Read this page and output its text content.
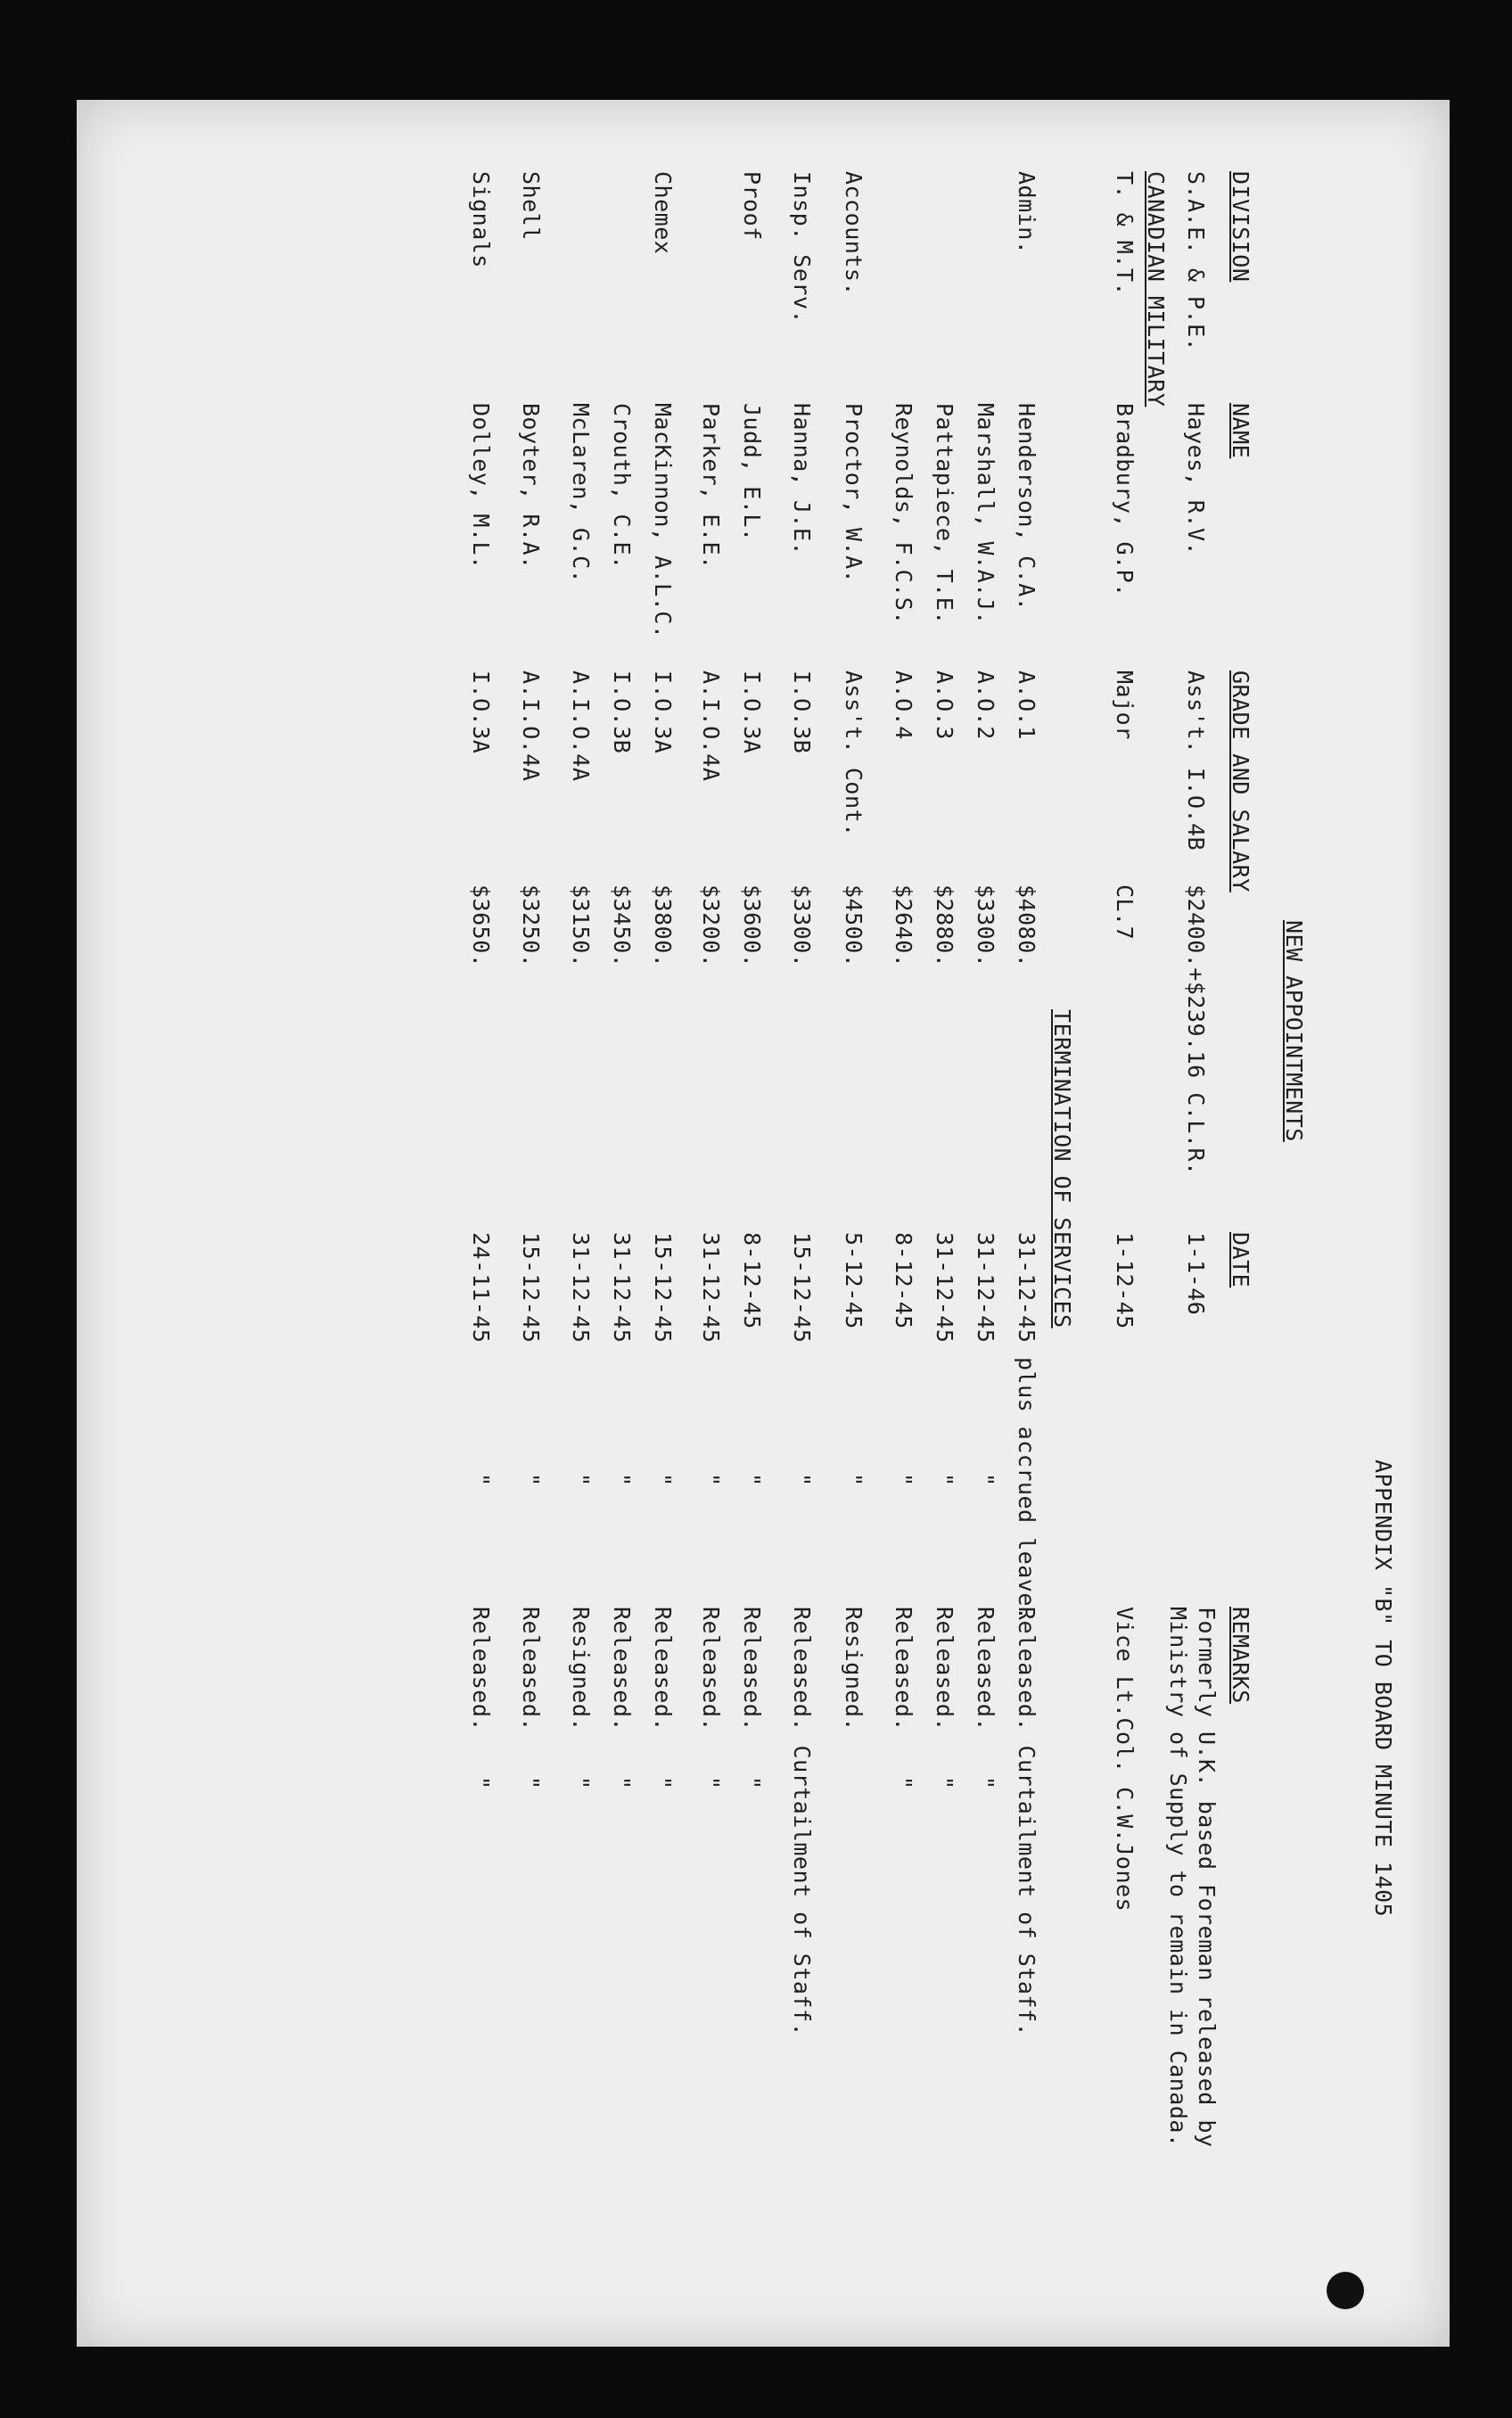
APPENDIX "B" TO BOARD MINUTE 1405
DIVISION
NAME
GRADE AND SALARY
DATE
REMARKS
NEW APPOINTMENTS
S.A.E. & P.E.
Hayes, R.V.
Ass't. I.O.4B
$2400.+$239.16 C.L.R.
1-1-46
Formerly U.K. based Foreman released by
Ministry of Supply to remain in Canada.
CANADIAN MILITARY
T. & M.T.
Bradbury, G.P.
Major
CL.7
1-12-45
Vice Lt.Col. C.W.Jones
TERMINATION OF SERVICES
Admin.
Henderson, C.A.
A.O.1
$4080.
31-12-45 plus accrued leave.
Released. Curtailment of Staff.
Marshall, W.A.J.
A.O.2
$3300.
31-12-45
"
Released.
"
Pattapiece, T.E.
A.O.3
$2880.
31-12-45
"
Released.
"
Reynolds, F.C.S.
A.O.4
$2640.
8-12-45
"
Released.
"
Accounts.
Proctor, W.A.
Ass't. Cont.
$4500.
5-12-45
"
Resigned.
Insp. Serv.
Hanna, J.E.
I.O.3B
$3300.
15-12-45
"
Released. Curtailment of Staff.
Proof
Judd, E.L.
I.O.3A
$3600.
8-12-45
"
Released.
"
Parker, E.E.
A.I.O.4A
$3200.
31-12-45
"
Released.
"
Chemex
MacKinnon, A.L.C.
I.O.3A
$3800.
15-12-45
"
Released.
"
Crouth, C.E.
I.O.3B
$3450.
31-12-45
"
Released.
"
McLaren, G.C.
A.I.O.4A
$3150.
31-12-45
"
Resigned.
"
Shell
Boyter, R.A.
A.I.O.4A
$3250.
15-12-45
"
Released.
"
Signals
Dolley, M.L.
I.O.3A
$3650.
24-11-45
"
Released.
"
